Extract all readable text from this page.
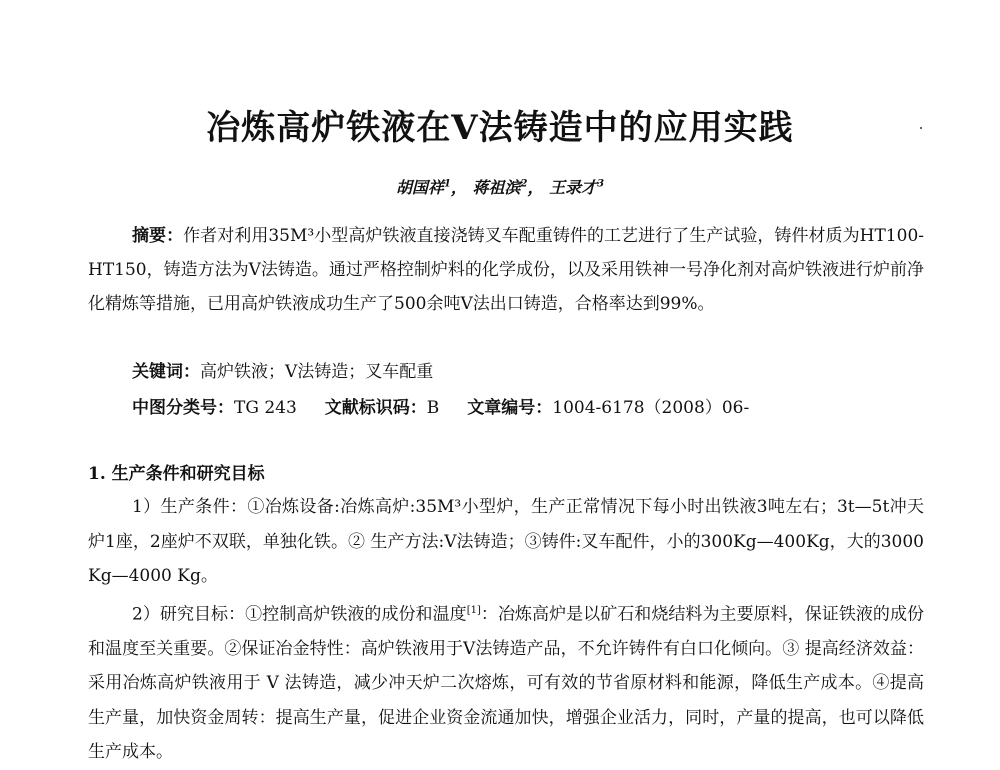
冶炼高炉铁液在V法铸造中的应用实践
胡国祥$^1$， 蒋祖滨$^2$， 王录才$^3$
摘要：作者对利用35M³小型高炉铁液直接浇铸叉车配重铸件的工艺进行了生产试验，铸件材质为HT100-HT150，铸造方法为V法铸造。通过严格控制炉料的化学成份，以及采用铁神一号净化剂对高炉铁液进行炉前净化精炼等措施，已用高炉铁液成功生产了500余吨V法出口铸造，合格率达到99%。
关键词：高炉铁液；V法铸造；叉车配重
中图分类号：TG 243 文献标识码：B 文章编号：1004-6178（2008）06-
1. 生产条件和研究目标

1）生产条件：①冶炼设备:冶炼高炉:35M³小型炉，生产正常情况下每小时出铁液3吨左右；3t—5t冲天炉1座，2座炉不双联，单独化铁。② 生产方法:V法铸造；③铸件:叉车配件，小的300Kg—400Kg，大的3000 Kg—4000 Kg。

2）研究目标：①控制高炉铁液的成份和温度[1]：冶炼高炉是以矿石和烧结料为主要原料，保证铁液的成份和温度至关重要。②保证冶金特性：高炉铁液用于V法铸造产品，不允许铸件有白口化倾向。③ 提高经济效益：采用冶炼高炉铁液用于 V 法铸造，减少冲天炉二次熔炼，可有效的节省原材料和能源，降低生产成本。④提高生产量，加快资金周转：提高生产量，促进企业资金流通加快，增强企业活力，同时，产量的提高，也可以降低生产成本。
